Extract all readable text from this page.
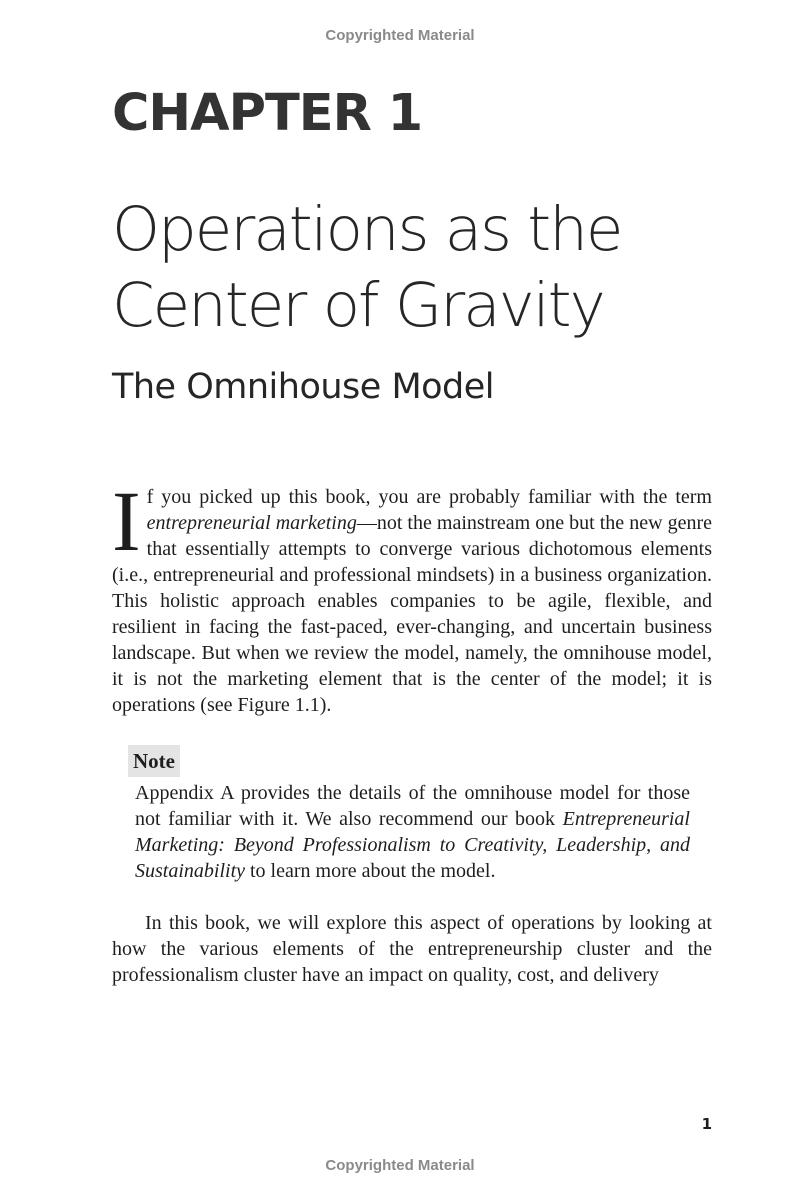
Copyrighted Material
CHAPTER 1
Operations as the Center of Gravity
The Omnihouse Model

If you picked up this book, you are probably familiar with the term entrepreneurial marketing—not the mainstream one but the new genre that essentially attempts to converge various dichotomous elements (i.e., entrepreneurial and professional mindsets) in a business organization. This holistic approach enables companies to be agile, flexible, and resilient in facing the fast-paced, ever-changing, and uncertain business landscape. But when we review the model, namely, the omnihouse model, it is not the marketing element that is the center of the model; it is operations (see Figure 1.1).

Note

Appendix A provides the details of the omnihouse model for those not familiar with it. We also recommend our book Entrepreneurial Marketing: Beyond Professionalism to Creativity, Leadership, and Sustainability to learn more about the model.

In this book, we will explore this aspect of operations by looking at how the various elements of the entrepreneurship cluster and the professionalism cluster have an impact on quality, cost, and delivery

1
Copyrighted Material
